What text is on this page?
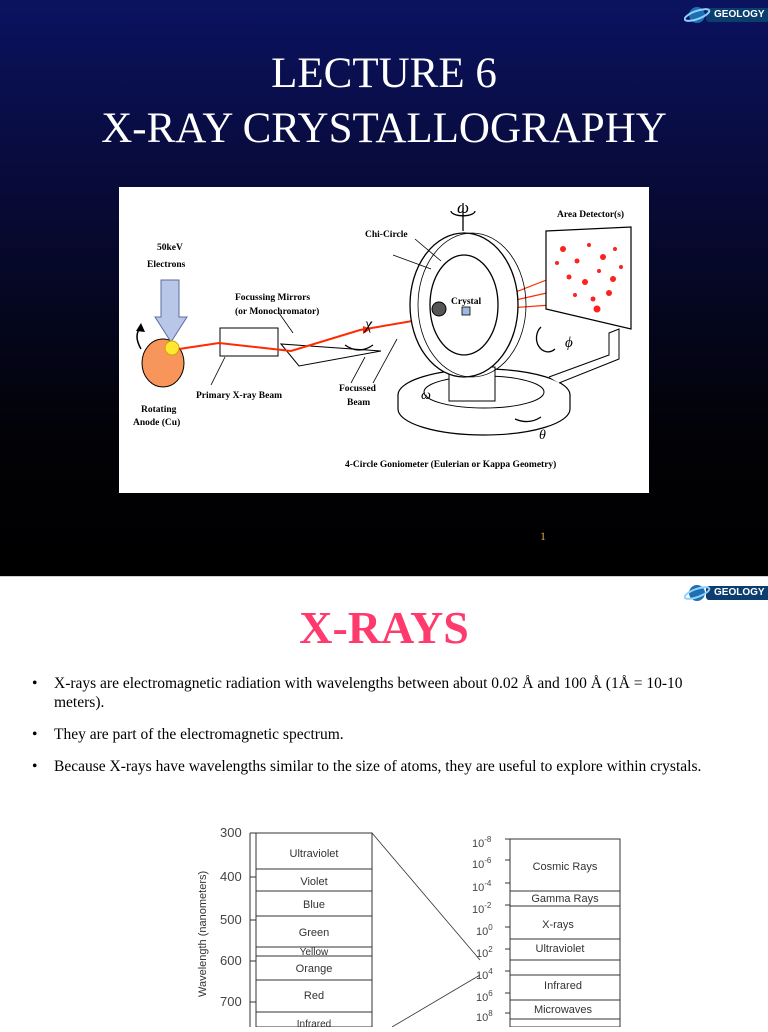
GEOLOGY
LECTURE 6
X-RAY CRYSTALLOGRAPHY
ω	Area Detector(s)
Chi-Circle
50keV
Electrons
Focussing Mirrors
(or Monochromator)
Crystal
χ
ϕ
ω
θ
Primary X-ray Beam
Focussed
Beam
Rotating
Anode (Cu)
4-Circle Goniometer (Eulerian or Kappa Geometry)
1
GEOLOGY
X-RAYS
• X-rays are electromagnetic radiation with wavelengths between about 0.02 Å and 100 Å (1Å = 10-10 meters).
• They are part of the electromagnetic spectrum.
• Because X-rays have wavelengths similar to the size of atoms, they are useful to explore within crystals.
Wavelength (nanometers)
300
400
500
600
700
Ultraviolet
Violet
Blue
Green
Yellow
Orange
Red
Infrared
$10^{-8}$
$10^{-6}$
$10^{-4}$
$10^{-2}$
$10^0$
$10^2$
$10^4$
$10^6$
$10^8$
Cosmic Rays
Gamma Rays
X-rays
Ultraviolet
Infrared
Microwaves
